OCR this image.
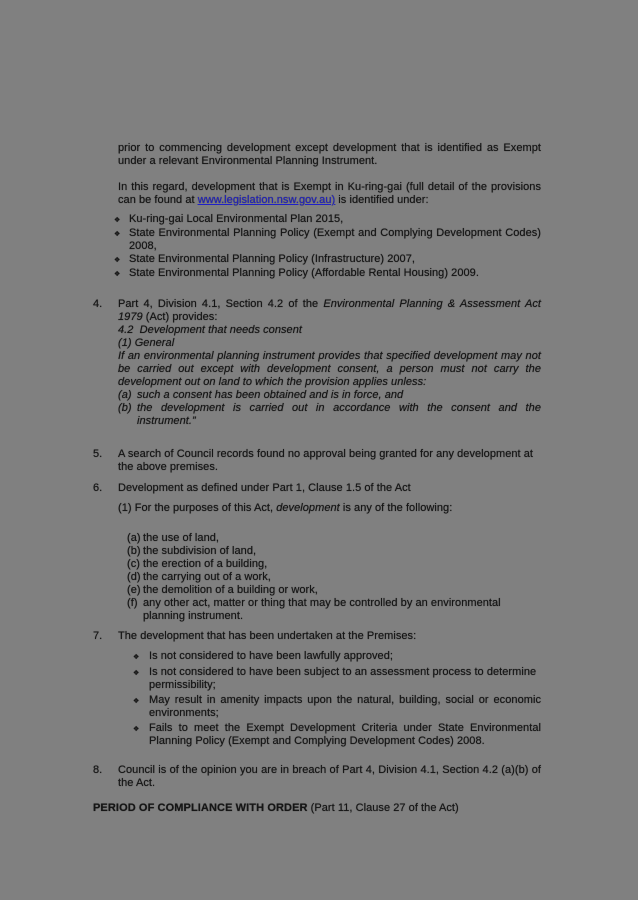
prior to commencing development except development that is identified as Exempt under a relevant Environmental Planning Instrument.

In this regard, development that is Exempt in Ku-ring-gai (full detail of the provisions can be found at www.legislation.nsw.gov.au) is identified under:

❖ Ku-ring-gai Local Environmental Plan 2015,
❖ State Environmental Planning Policy (Exempt and Complying Development Codes) 2008,
❖ State Environmental Planning Policy (Infrastructure) 2007,
❖ State Environmental Planning Policy (Affordable Rental Housing) 2009.
4.	Part 4, Division 4.1, Section 4.2 of the Environmental Planning & Assessment Act 1979 (Act) provides:

4.2  Development that needs consent

(1) General

If an environmental planning instrument provides that specified development may not be carried out except with development consent, a person must not carry the development out on land to which the provision applies unless:

(a) such a consent has been obtained and is in force, and
(b) the development is carried out in accordance with the consent and the instrument.”
5.	A search of Council records found no approval being granted for any development at the above premises.

6.	Development as defined under Part 1, Clause 1.5 of the Act

(1) For the purposes of this Act, development is any of the following:

(a) the use of land,
(b) the subdivision of land,
(c) the erection of a building,
(d) the carrying out of a work,
(e) the demolition of a building or work,
(f) any other act, matter or thing that may be controlled by an environmental planning instrument.
7.	The development that has been undertaken at the Premises:

❖ Is not considered to have been lawfully approved;
❖ Is not considered to have been subject to an assessment process to determine permissibility;
❖ May result in amenity impacts upon the natural, building, social or economic environments;
❖ Fails to meet the Exempt Development Criteria under State Environmental Planning Policy (Exempt and Complying Development Codes) 2008.
8.	Council is of the opinion you are in breach of Part 4, Division 4.1, Section 4.2 (a)(b) of the Act.

PERIOD OF COMPLIANCE WITH ORDER (Part 11, Clause 27 of the Act)
